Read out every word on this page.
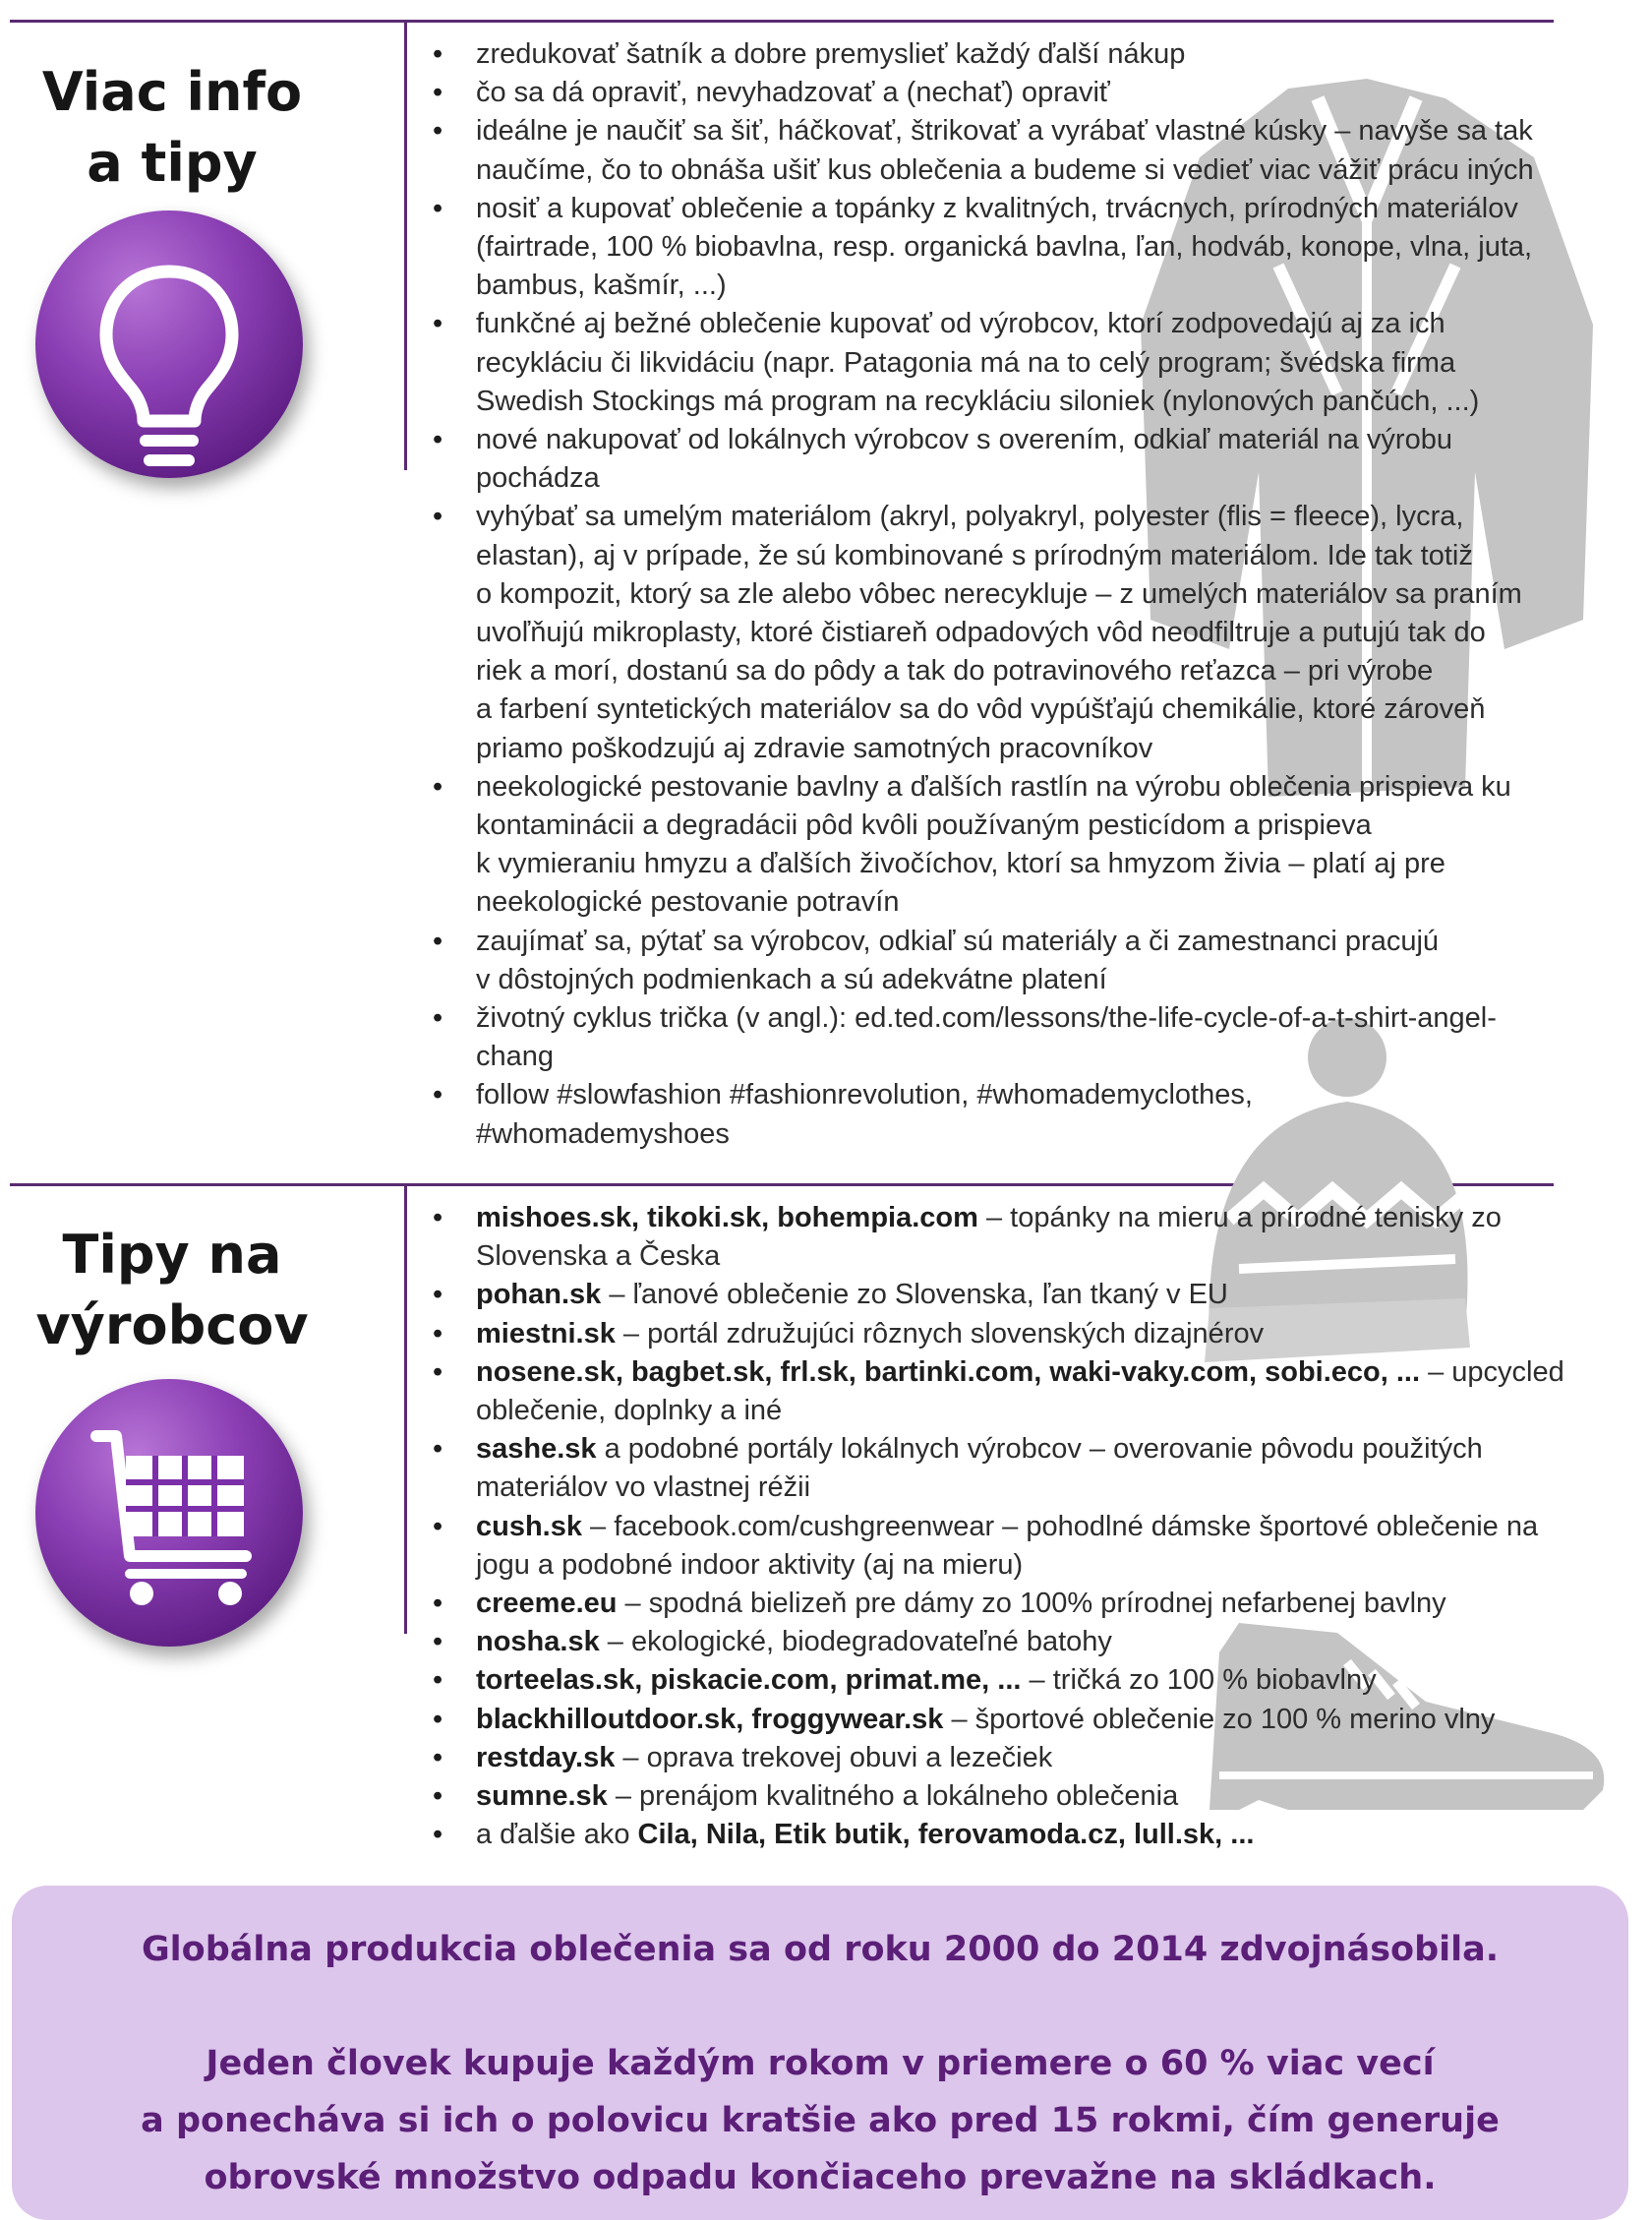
Viac info
a tipy
• zredukovať šatník a dobre premyslieť každý ďalší nákup
• čo sa dá opraviť, nevyhadzovať a (nechať) opraviť
• ideálne je naučiť sa šiť, háčkovať, štrikovať a vyrábať vlastné kúsky – navyše sa tak
naučíme, čo to obnáša ušiť kus oblečenia a budeme si vedieť viac vážiť prácu iných
• nosiť a kupovať oblečenie a topánky z kvalitných, trvácnych, prírodných materiálov
(fairtrade, 100 % biobavlna, resp. organická bavlna, ľan, hodváb, konope, vlna, juta,
bambus, kašmír, ...)
• funkčné aj bežné oblečenie kupovať od výrobcov, ktorí zodpovedajú aj za ich
recykláciu či likvidáciu (napr. Patagonia má na to celý program; švédska firma
Swedish Stockings má program na recykláciu siloniek (nylonových pančúch, ...)
• nové nakupovať od lokálnych výrobcov s overením, odkiaľ materiál na výrobu
pochádza
• vyhýbať sa umelým materiálom (akryl, polyakryl, polyester (flis = fleece), lycra,
elastan), aj v prípade, že sú kombinované s prírodným materiálom. Ide tak totiž
o kompozit, ktorý sa zle alebo vôbec nerecykluje – z umelých materiálov sa praním
uvoľňujú mikroplasty, ktoré čistiareň odpadových vôd neodfiltruje a putujú tak do
riek a morí, dostanú sa do pôdy a tak do potravinového reťazca – pri výrobe
a farbení syntetických materiálov sa do vôd vypúšťajú chemikálie, ktoré zároveň
priamo poškodzujú aj zdravie samotných pracovníkov
• neekologické pestovanie bavlny a ďalších rastlín na výrobu oblečenia prispieva ku
kontaminácii a degradácii pôd kvôli používaným pesticídom a prispieva
k vymieraniu hmyzu a ďalších živočíchov, ktorí sa hmyzom živia – platí aj pre
neekologické pestovanie potravín
• zaujímať sa, pýtať sa výrobcov, odkiaľ sú materiály a či zamestnanci pracujú
v dôstojných podmienkach a sú adekvátne platení
• životný cyklus trička (v angl.): ed.ted.com/lessons/the-life-cycle-of-a-t-shirt-angel-
chang
• follow #slowfashion #fashionrevolution, #whomademyclothes,
#whomademyshoes
Tipy na
výrobcov
• mishoes.sk, tikoki.sk, bohempia.com – topánky na mieru a prírodné tenisky zo
Slovenska a Česka
• pohan.sk – ľanové oblečenie zo Slovenska, ľan tkaný v EU
• miestni.sk – portál združujúci rôznych slovenských dizajnérov
• nosene.sk, bagbet.sk, frl.sk, bartinki.com, waki-vaky.com, sobi.eco, ... – upcycled
oblečenie, doplnky a iné
• sashe.sk a podobné portály lokálnych výrobcov – overovanie pôvodu použitých
materiálov vo vlastnej réžii
• cush.sk – facebook.com/cushgreenwear – pohodlné dámske športové oblečenie na
jogu a podobné indoor aktivity (aj na mieru)
• creeme.eu – spodná bielizeň pre dámy zo 100% prírodnej nefarbenej bavlny
• nosha.sk – ekologické, biodegradovateľné batohy
• torteelas.sk, piskacie.com, primat.me, ... – tričká zo 100 % biobavlny
• blackhilloutdoor.sk, froggywear.sk – športové oblečenie zo 100 % merino vlny
• restday.sk – oprava trekovej obuvi a lezečiek
• sumne.sk – prenájom kvalitného a lokálneho oblečenia
• a ďalšie ako Cila, Nila, Etik butik, ferovamoda.cz, lull.sk, ...
Globálna produkcia oblečenia sa od roku 2000 do 2014 zdvojnásobila.
Jeden človek kupuje každým rokom v priemere o 60 % viac vecí
a ponecháva si ich o polovicu kratšie ako pred 15 rokmi, čím generuje
obrovské množstvo odpadu končiaceho prevažne na skládkach.
